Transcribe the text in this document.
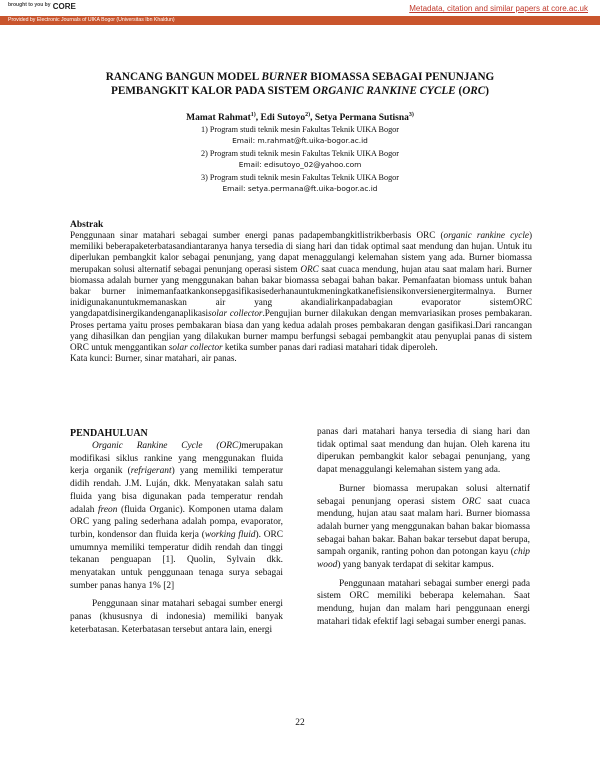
$^{brought to you by}$ CORE	Metadata, citation and similar papers at core.ac.uk
Provided by Electronic Journals of UIKA Bogor (Universitas Ibn Khaldun)
RANCANG BANGUN MODEL BURNER BIOMASSA SEBAGAI PENUNJANG
PEMBANGKIT KALOR PADA SISTEM ORGANIC RANKINE CYCLE (ORC)
Mamat Rahmat$^{1)}$, Edi Sutoyo$^{2)}$, Setya Permana Sutisna$^{3)}$
1) Program studi teknik mesin Fakultas Teknik UIKA Bogor
Email: m.rahmat@ft.uika-bogor.ac.id
2) Program studi teknik mesin Fakultas Teknik UIKA Bogor
Email: edisutoyo_02@yahoo.com
3) Program studi teknik mesin Fakultas Teknik UIKA Bogor
Email: setya.permana@ft.uika-bogor.ac.id
Abstrak

Penggunaan sinar matahari sebagai sumber energi panas padapembangkitlistrikberbasis ORC (organic rankine cycle) memiliki beberapaketerbatasandiantaranya hanya tersedia di siang hari dan tidak optimal saat mendung dan hujan. Untuk itu diperlukan pembangkit kalor sebagai penunjang, yang dapat menaggulangi kelemahan sistem yang ada. Burner biomassa merupakan solusi alternatif sebagai penunjang operasi sistem ORC saat cuaca mendung, hujan atau saat malam hari. Burner biomassa adalah burner yang menggunakan bahan bakar biomassa sebagai bahan bakar. Pemanfaatan biomass untuk bahan bakar burner inimemanfaatkankonsepgasifikasisederhanauntukmeningkatkanefisiensikonversienergitermalnya. Burner inidigunakanuntukmemanaskan air yang akandialirkanpadabagian evaporator sistemORC yangdapatdisinergikandenganaplikasisolar collector.Pengujian burner dilakukan dengan memvariasikan proses pembakaran. Proses pertama yaitu proses pembakaran biasa dan yang kedua adalah proses pembakaran dengan gasifikasi.Dari rancangan yang dihasilkan dan pengjian yang dilakukan burner mampu berfungsi sebagai pembangkit atau penyuplai panas di sistem ORC untuk menggantikan solar collector ketika sumber panas dari radiasi matahari tidak diperoleh.

Kata kunci: Burner, sinar matahari, air panas.

PENDAHULUAN

Organic Rankine Cycle (ORC)merupakan modifikasi siklus rankine yang menggunakan fluida kerja organik (refrigerant) yang memiliki temperatur didih rendah. J.M. Luján, dkk. Menyatakan salah satu fluida yang bisa digunakan pada temperatur rendah adalah freon (fluida Organic). Komponen utama dalam ORC yang paling sederhana adalah pompa, evaporator, turbin, kondensor dan fluida kerja (working fluid). ORC umumnya memiliki temperatur didih rendah dan tinggi tekanan penguapan [1]. Quolin, Sylvain dkk. menyatakan untuk penggunaan tenaga surya sebagai sumber panas hanya 1% [2]

Penggunaan sinar matahari sebagai sumber energi panas (khususnya di indonesia) memiliki banyak keterbatasan. Keterbatasan tersebut antara lain, energi

panas dari matahari hanya tersedia di siang hari dan tidak optimal saat mendung dan hujan. Oleh karena itu diperukan pembangkit kalor sebagai penunjang, yang dapat menaggulangi kelemahan sistem yang ada.

Burner biomassa merupakan solusi alternatif sebagai penunjang operasi sistem ORC saat cuaca mendung, hujan atau saat malam hari. Burner biomassa adalah burner yang menggunakan bahan bakar biomassa sebagai bahan bakar. Bahan bakar tersebut dapat berupa, sampah organik, ranting pohon dan potongan kayu (chip wood) yang banyak terdapat di sekitar kampus.

Penggunaan matahari sebagai sumber energi pada sistem ORC memiliki beberapa kelemahan. Saat mendung, hujan dan malam hari penggunaan energi matahari tidak efektif lagi sebagai sumber energi panas.

22
